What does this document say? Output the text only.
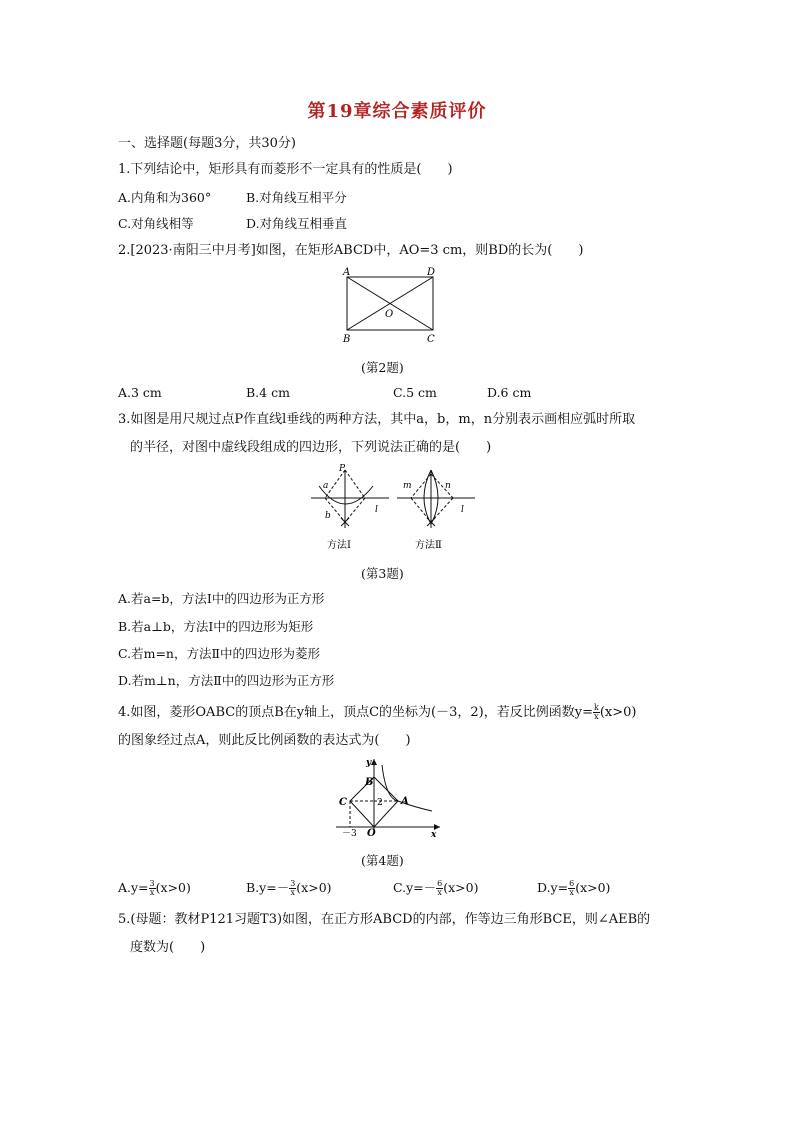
第19章综合素质评价
一、选择题(每题3分，共30分)
1.下列结论中，矩形具有而菱形不一定具有的性质是(　　)
A.内角和为360°	B.对角线互相平分
C.对角线相等	D.对角线互相垂直
2.[2023·南阳三中月考]如图，在矩形ABCD中，AO=3 cm，则BD的长为(　　)
A	D
B	C
O
(第2题)
A.3 cm	B.4 cm	C.5 cm	D.6 cm
3.如图是用尺规过点P作直线l垂线的两种方法，其中a，b，m，n分别表示画相应弧时所取
的半径，对图中虚线段组成的四边形，下列说法正确的是(　　)
P
a
b
l
方法Ⅰ
m	n
l
方法Ⅱ
(第3题)
A.若a=b，方法Ⅰ中的四边形为正方形
B.若a⊥b，方法Ⅰ中的四边形为矩形
C.若m=n，方法Ⅱ中的四边形为菱形
D.若m⊥n，方法Ⅱ中的四边形为正方形
4.如图，菱形OABC的顶点B在y轴上，顶点C的坐标为(－3，2)，若反比例函数$y= \frac{k}{x} (x>0)$
的图象经过点A，则此反比例函数的表达式为(　　)
y
x
B
C	A
O
2
－3
(第4题)
$A.y= \frac{3}{x} (x>0)$	$B.y=- \frac{3}{x} (x>0)$	$C.y=- \frac{6}{x} (x>0)$	$D.y= \frac{6}{x} (x>0)$
5.(母题：教材P121习题T3)如图，在正方形ABCD的内部，作等边三角形BCE，则∠AEB的
度数为(　　)
